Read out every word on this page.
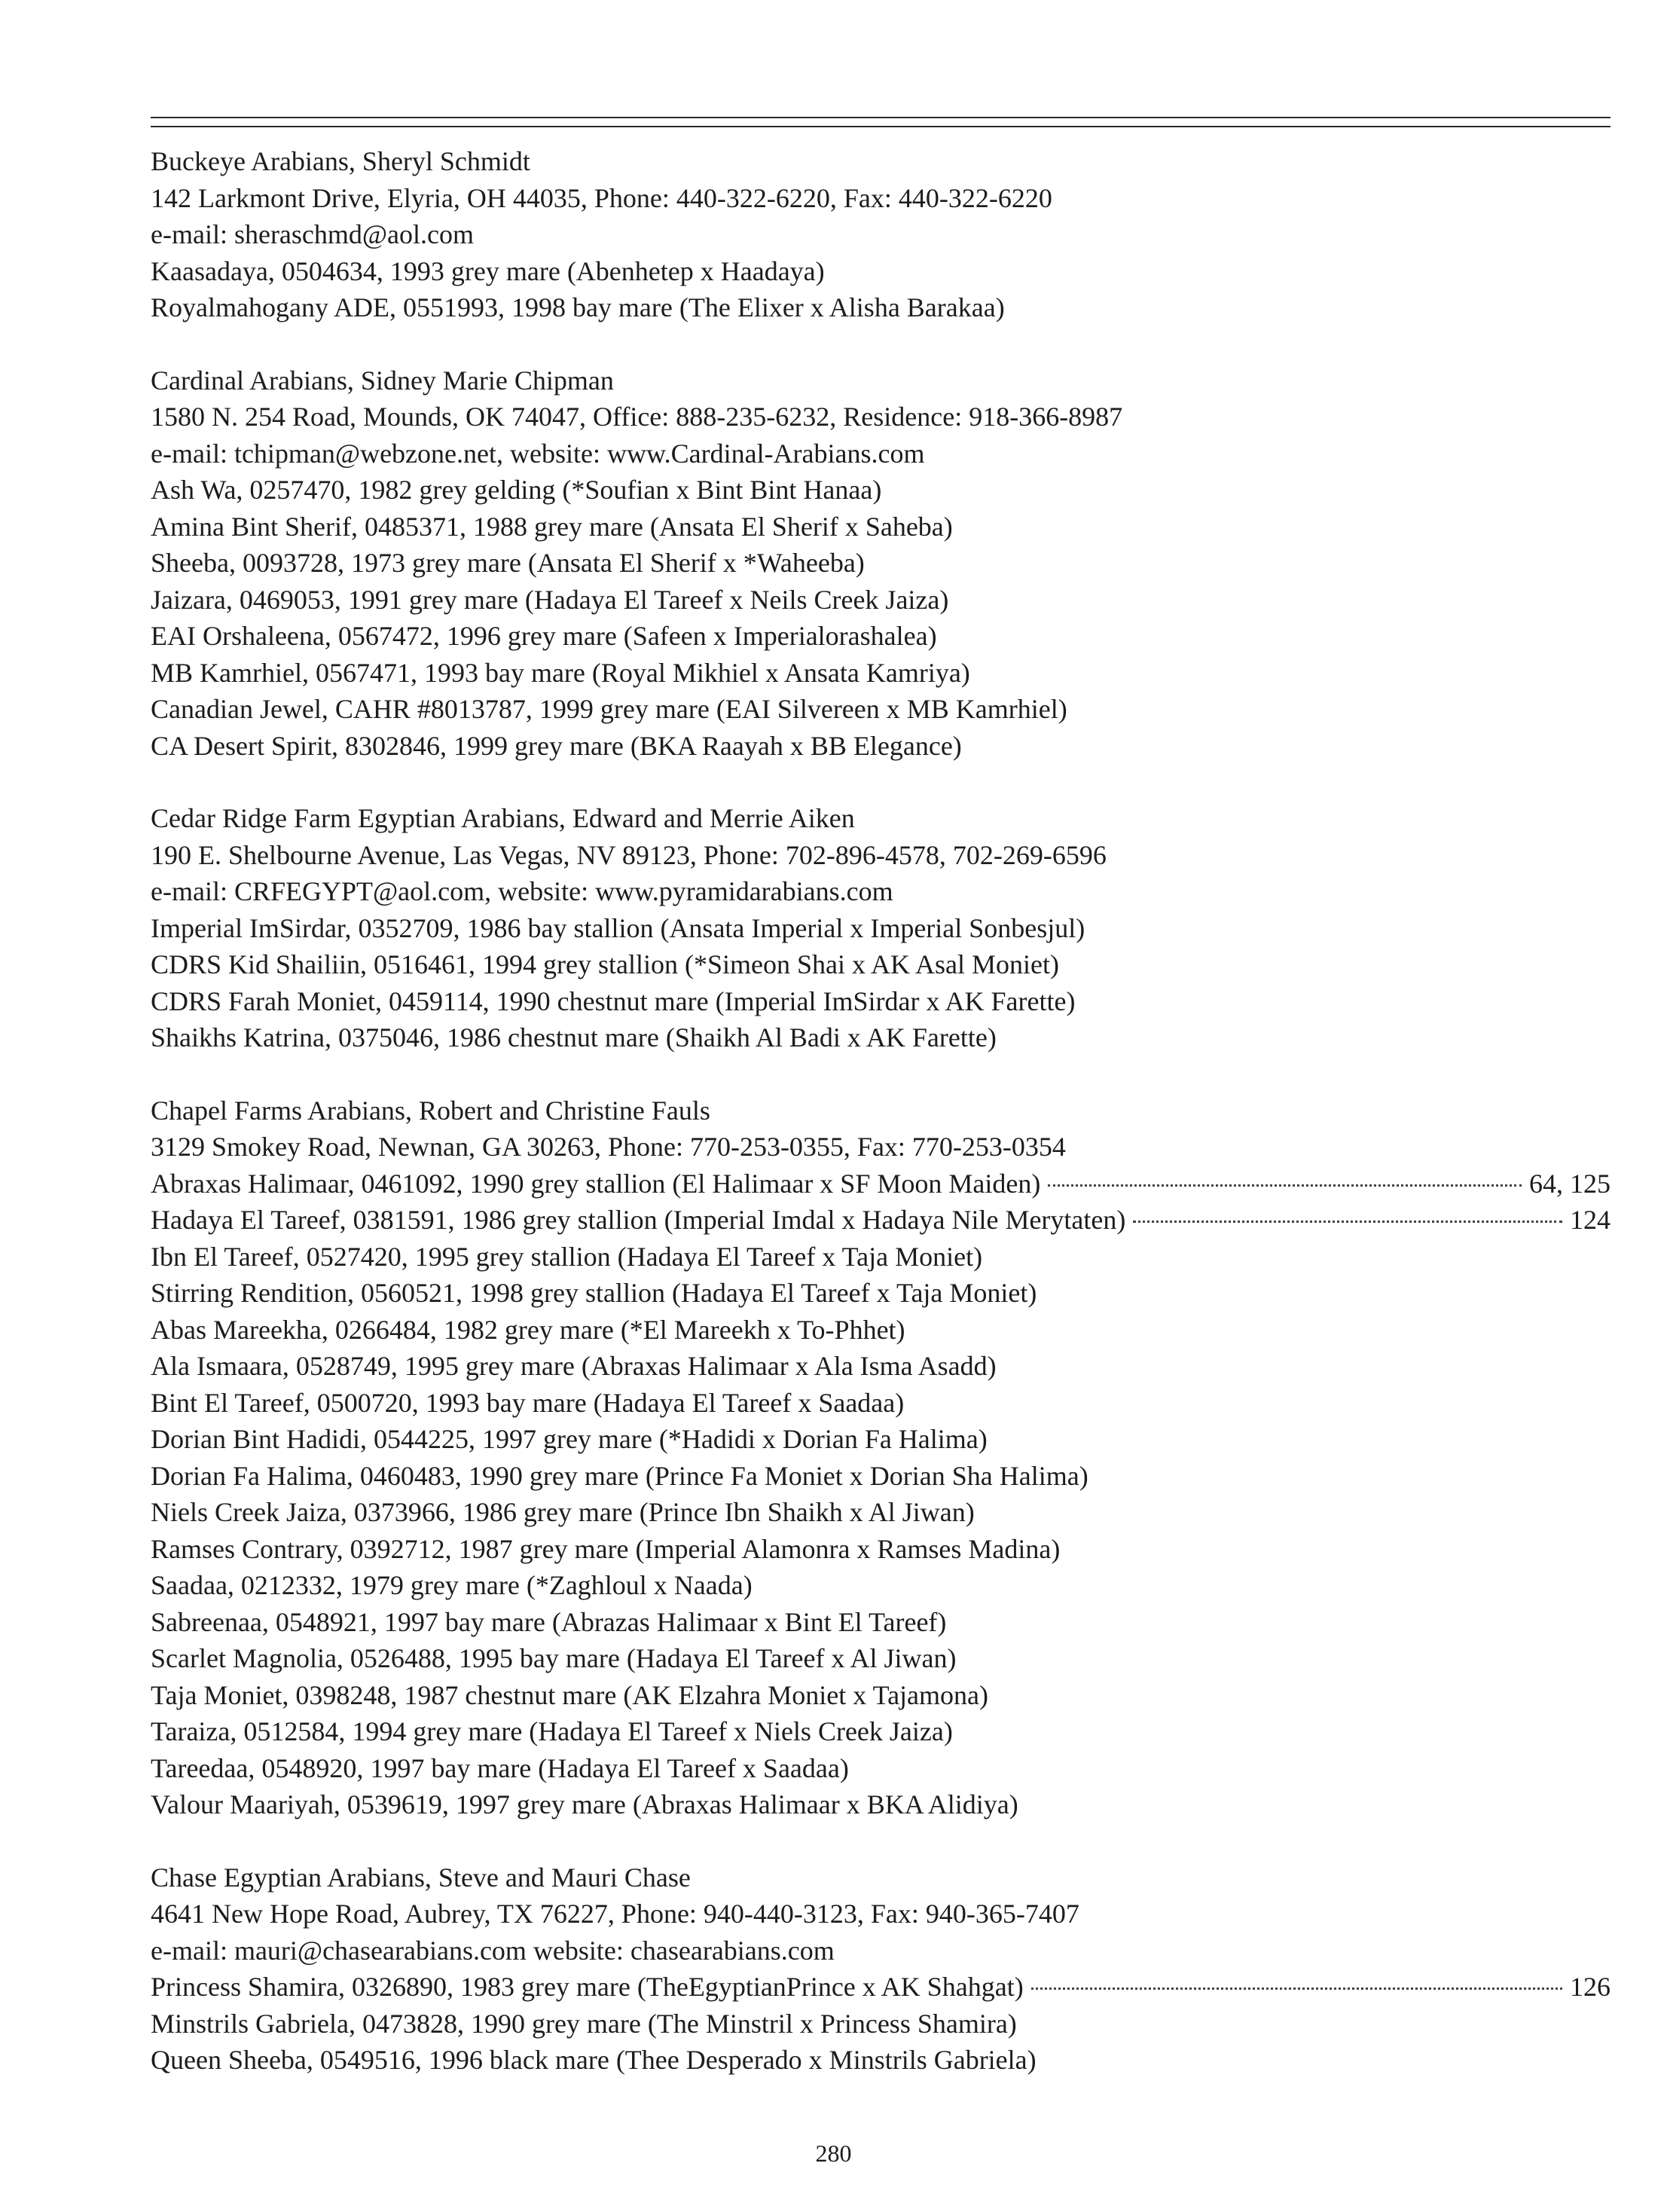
Buckeye Arabians, Sheryl Schmidt
142 Larkmont Drive, Elyria, OH 44035, Phone: 440-322-6220, Fax: 440-322-6220
e-mail: sheraschmd@aol.com
Kaasadaya, 0504634, 1993 grey mare (Abenhetep x Haadaya)
Royalmahogany ADE, 0551993, 1998 bay mare (The Elixer x Alisha Barakaa)
Cardinal Arabians, Sidney Marie Chipman
1580 N. 254 Road, Mounds, OK 74047, Office: 888-235-6232, Residence: 918-366-8987
e-mail: tchipman@webzone.net, website: www.Cardinal-Arabians.com
Ash Wa, 0257470, 1982 grey gelding (*Soufian x Bint Bint Hanaa)
Amina Bint Sherif, 0485371, 1988 grey mare (Ansata El Sherif x Saheba)
Sheeba, 0093728, 1973 grey mare (Ansata El Sherif x *Waheeba)
Jaizara, 0469053, 1991 grey mare (Hadaya El Tareef x Neils Creek Jaiza)
EAI Orshaleena, 0567472, 1996 grey mare (Safeen x Imperialorashalea)
MB Kamrhiel, 0567471, 1993 bay mare (Royal Mikhiel x Ansata Kamriya)
Canadian Jewel, CAHR #8013787, 1999 grey mare (EAI Silvereen x MB Kamrhiel)
CA Desert Spirit, 8302846, 1999 grey mare (BKA Raayah x BB Elegance)
Cedar Ridge Farm Egyptian Arabians, Edward and Merrie Aiken
190 E. Shelbourne Avenue, Las Vegas, NV 89123, Phone: 702-896-4578, 702-269-6596
e-mail: CRFEGYPT@aol.com, website: www.pyramidarabians.com
Imperial ImSirdar, 0352709, 1986 bay stallion (Ansata Imperial x Imperial Sonbesjul)
CDRS Kid Shailiin, 0516461, 1994 grey stallion (*Simeon Shai x AK Asal Moniet)
CDRS Farah Moniet, 0459114, 1990 chestnut mare (Imperial ImSirdar x AK Farette)
Shaikhs Katrina, 0375046, 1986 chestnut mare (Shaikh Al Badi x AK Farette)
Chapel Farms Arabians, Robert and Christine Fauls
3129 Smokey Road, Newnan, GA 30263, Phone: 770-253-0355, Fax: 770-253-0354
Abraxas Halimaar, 0461092, 1990 grey stallion (El Halimaar x SF Moon Maiden)	64, 125
Hadaya El Tareef, 0381591, 1986 grey stallion (Imperial Imdal x Hadaya Nile Merytaten)	124
Ibn El Tareef, 0527420, 1995 grey stallion (Hadaya El Tareef x Taja Moniet)
Stirring Rendition, 0560521, 1998 grey stallion (Hadaya El Tareef x Taja Moniet)
Abas Mareekha, 0266484, 1982 grey mare (*El Mareekh x To-Phhet)
Ala Ismaara, 0528749, 1995 grey mare (Abraxas Halimaar x Ala Isma Asadd)
Bint El Tareef, 0500720, 1993 bay mare (Hadaya El Tareef x Saadaa)
Dorian Bint Hadidi, 0544225, 1997 grey mare (*Hadidi x Dorian Fa Halima)
Dorian Fa Halima, 0460483, 1990 grey mare (Prince Fa Moniet x Dorian Sha Halima)
Niels Creek Jaiza, 0373966, 1986 grey mare (Prince Ibn Shaikh x Al Jiwan)
Ramses Contrary, 0392712, 1987 grey mare (Imperial Alamonra x Ramses Madina)
Saadaa, 0212332, 1979 grey mare (*Zaghloul x Naada)
Sabreenaa, 0548921, 1997 bay mare (Abrazas Halimaar x Bint El Tareef)
Scarlet Magnolia, 0526488, 1995 bay mare (Hadaya El Tareef x Al Jiwan)
Taja Moniet, 0398248, 1987 chestnut mare (AK Elzahra Moniet x Tajamona)
Taraiza, 0512584, 1994 grey mare (Hadaya El Tareef x Niels Creek Jaiza)
Tareedaa, 0548920, 1997 bay mare (Hadaya El Tareef x Saadaa)
Valour Maariyah, 0539619, 1997 grey mare (Abraxas Halimaar x BKA Alidiya)
Chase Egyptian Arabians, Steve and Mauri Chase
4641 New Hope Road, Aubrey, TX 76227, Phone: 940-440-3123, Fax: 940-365-7407
e-mail: mauri@chasearabians.com website: chasearabians.com
Princess Shamira, 0326890, 1983 grey mare (TheEgyptianPrince x AK Shahgat)	126
Minstrils Gabriela, 0473828, 1990 grey mare (The Minstril x Princess Shamira)
Queen Sheeba, 0549516, 1996 black mare (Thee Desperado x Minstrils Gabriela)
280
